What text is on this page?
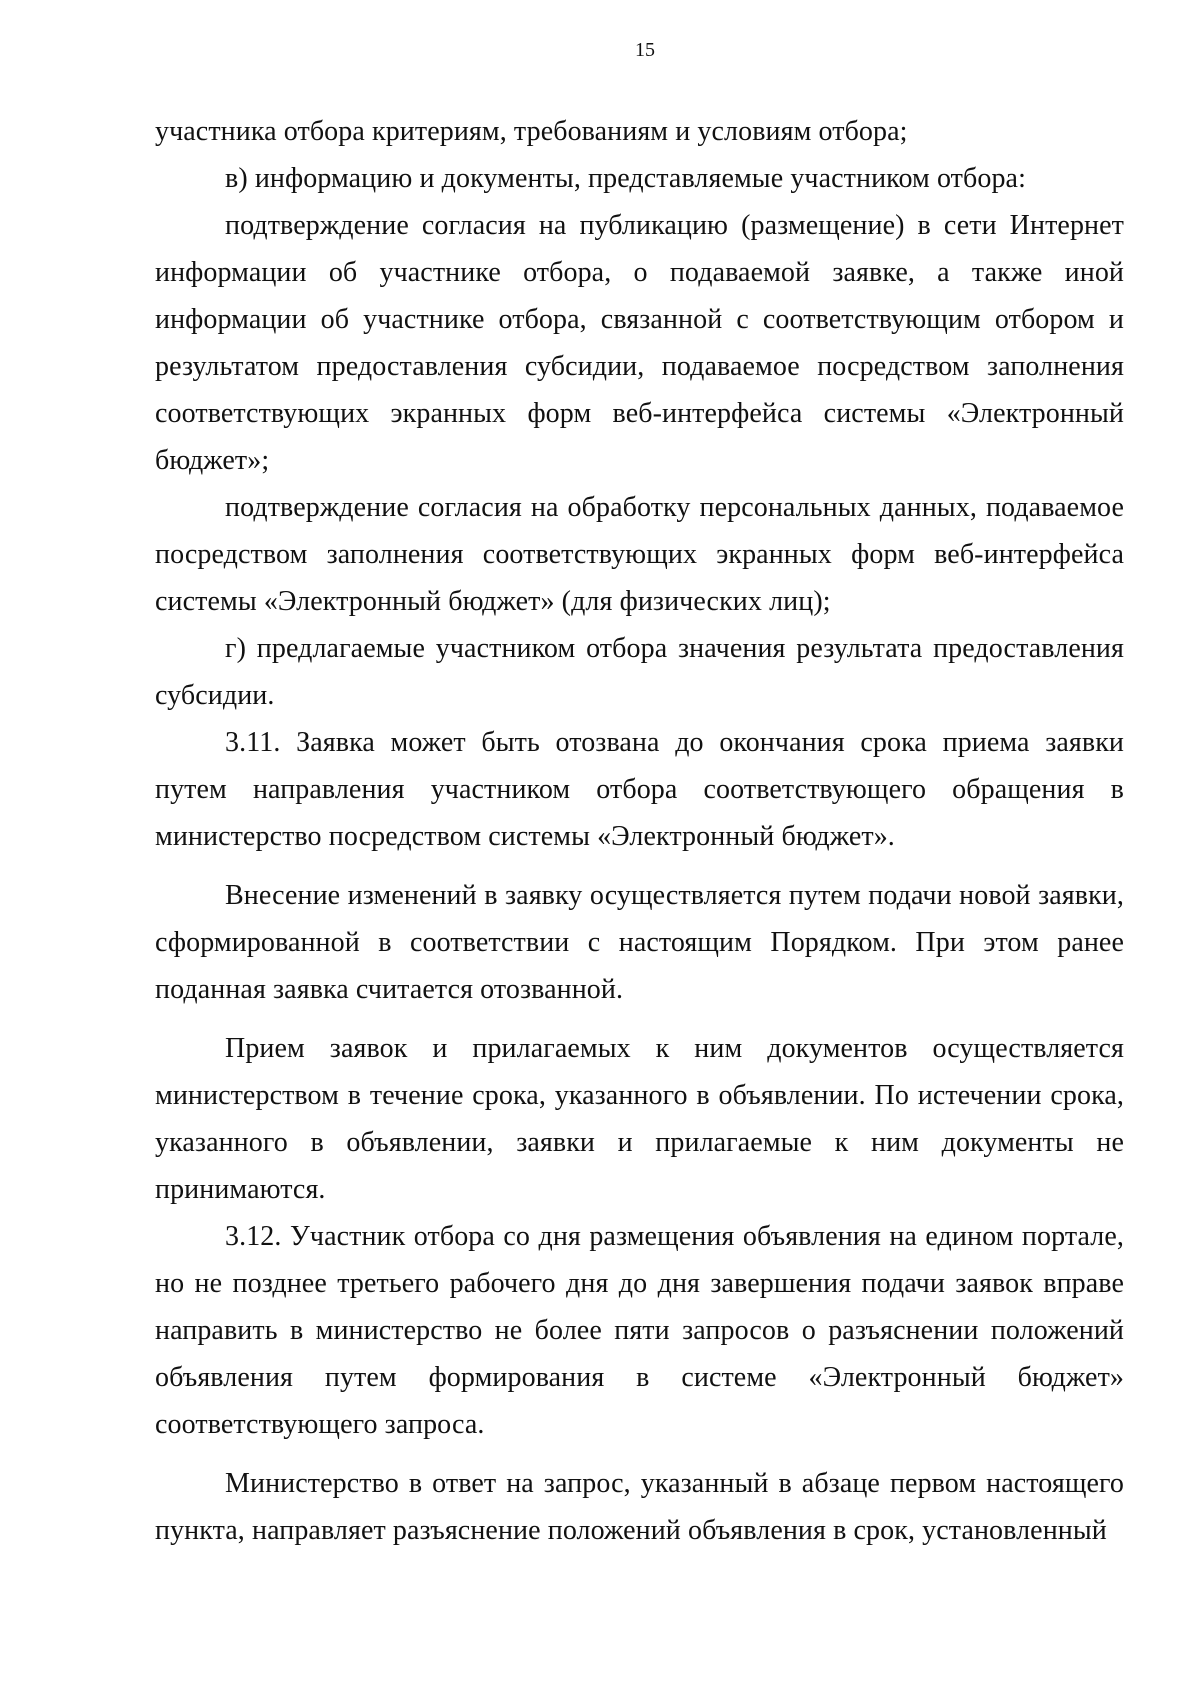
15

участника отбора критериям, требованиям и условиям отбора;

в) информацию и документы, представляемые участником отбора:

подтверждение согласия на публикацию (размещение) в сети Интернет информации об участнике отбора, о подаваемой заявке, а также иной информации об участнике отбора, связанной с соответствующим отбором и результатом предоставления субсидии, подаваемое посредством заполнения соответствующих экранных форм веб-интерфейса системы «Электронный бюджет»;

подтверждение согласия на обработку персональных данных, подаваемое посредством заполнения соответствующих экранных форм веб-интерфейса системы «Электронный бюджет» (для физических лиц);

г) предлагаемые участником отбора значения результата предоставления субсидии.

3.11. Заявка может быть отозвана до окончания срока приема заявки путем направления участником отбора соответствующего обращения в министерство посредством системы «Электронный бюджет».

Внесение изменений в заявку осуществляется путем подачи новой заявки, сформированной в соответствии с настоящим Порядком. При этом ранее поданная заявка считается отозванной.

Прием заявок и прилагаемых к ним документов осуществляется министерством в течение срока, указанного в объявлении. По истечении срока, указанного в объявлении, заявки и прилагаемые к ним документы не принимаются.

3.12. Участник отбора со дня размещения объявления на едином портале, но не позднее третьего рабочего дня до дня завершения подачи заявок вправе направить в министерство не более пяти запросов о разъяснении положений объявления путем формирования в системе «Электронный бюджет» соответствующего запроса.

Министерство в ответ на запрос, указанный в абзаце первом настоящего пункта, направляет разъяснение положений объявления в срок, установленный
